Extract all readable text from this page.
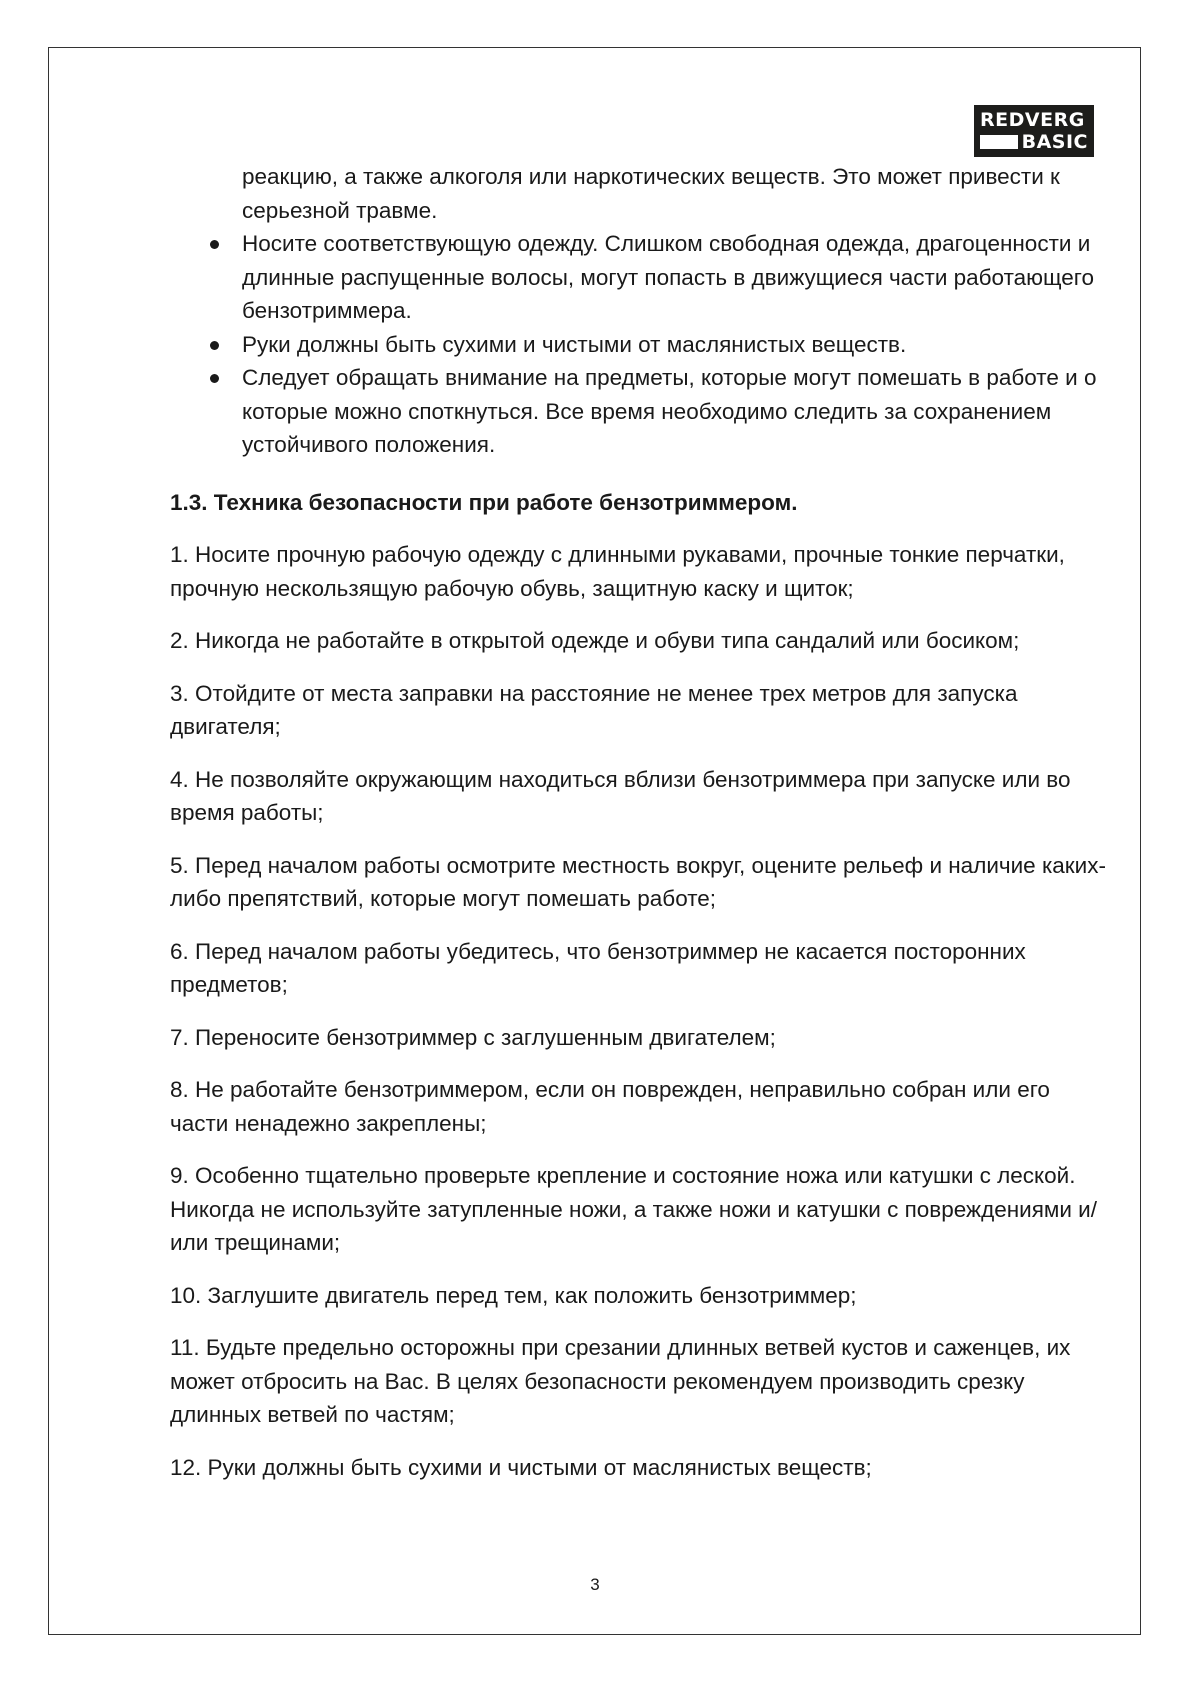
REDVERG
BASIC

реакцию, а также алкоголя или наркотических веществ. Это может привести к серьезной травме.

Носите соответствующую одежду. Слишком свободная одежда, драгоценности и длинные распущенные волосы, могут попасть в движущиеся части работающего бензотриммера.
Руки должны быть сухими и чистыми от маслянистых веществ.
Следует обращать внимание на предметы, которые могут помешать в работе и о которые можно споткнуться. Все время необходимо следить за сохранением устойчивого положения.
1.3. Техника безопасности при работе бензотриммером.

1. Носите прочную рабочую одежду с длинными рукавами, прочные тонкие перчатки, прочную нескользящую рабочую обувь, защитную каску и щиток;

2. Никогда не работайте в открытой одежде и обуви типа сандалий или босиком;

3. Отойдите от места заправки на расстояние не менее трех метров для запуска двигателя;

4. Не позволяйте окружающим находиться вблизи бензотриммера при запуске или во время работы;

5. Перед началом работы осмотрите местность вокруг, оцените рельеф и наличие каких-либо препятствий, которые могут помешать работе;

6. Перед началом работы убедитесь, что бензотриммер не касается посторонних предметов;

7. Переносите бензотриммер с заглушенным двигателем;

8. Не работайте бензотриммером, если он поврежден, неправильно собран или его части ненадежно закреплены;

9. Особенно тщательно проверьте крепление и состояние ножа или катушки с леской. Никогда не используйте затупленные ножи, а также ножи и катушки с повреждениями и/или трещинами;

10. Заглушите двигатель перед тем, как положить бензотриммер;

11. Будьте предельно осторожны при срезании длинных ветвей кустов и саженцев, их может отбросить на Вас. В целях безопасности рекомендуем производить срезку длинных ветвей по частям;

12. Руки должны быть сухими и чистыми от маслянистых веществ;

3
